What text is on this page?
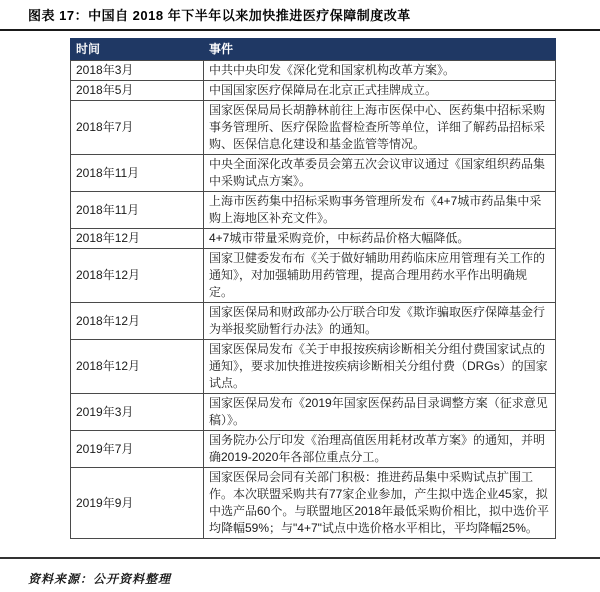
图表 17：中国自 2018 年下半年以来加快推进医疗保障制度改革
时间	事件
2018年3月	中共中央印发《深化党和国家机构改革方案》。
2018年5月	中国国家医疗保障局在北京正式挂牌成立。
2018年7月	国家医保局局长胡静林前往上海市医保中心、医药集中招标采购事务管理所、医疗保险监督检查所等单位，详细了解药品招标采购、医保信息化建设和基金监管等情况。
2018年11月	中央全面深化改革委员会第五次会议审议通过《国家组织药品集中采购试点方案》。
2018年11月	上海市医药集中招标采购事务管理所发布《4+7城市药品集中采购上海地区补充文件》。
2018年12月	4+7城市带量采购竞价，中标药品价格大幅降低。
2018年12月	国家卫健委发布布《关于做好辅助用药临床应用管理有关工作的通知》，对加强辅助用药管理，提高合理用药水平作出明确规定。
2018年12月	国家医保局和财政部办公厅联合印发《欺诈骗取医疗保障基金行为举报奖励暂行办法》的通知。
2018年12月	国家医保局发布《关于申报按疾病诊断相关分组付费国家试点的通知》，要求加快推进按疾病诊断相关分组付费（DRGs）的国家试点。
2019年3月	国家医保局发布《2019年国家医保药品目录调整方案（征求意见稿）》。
2019年7月	国务院办公厅印发《治理高值医用耗材改革方案》的通知，并明确2019-2020年各部位重点分工。
2019年9月	国家医保局会同有关部门积极：推进药品集中采购试点扩围工作。本次联盟采购共有77家企业参加，产生拟中选企业45家，拟中选产品60个。与联盟地区2018年最低采购价相比，拟中选价平均降幅59%；与"4+7"试点中选价格水平相比，平均降幅25%。
资料来源：公开资料整理
